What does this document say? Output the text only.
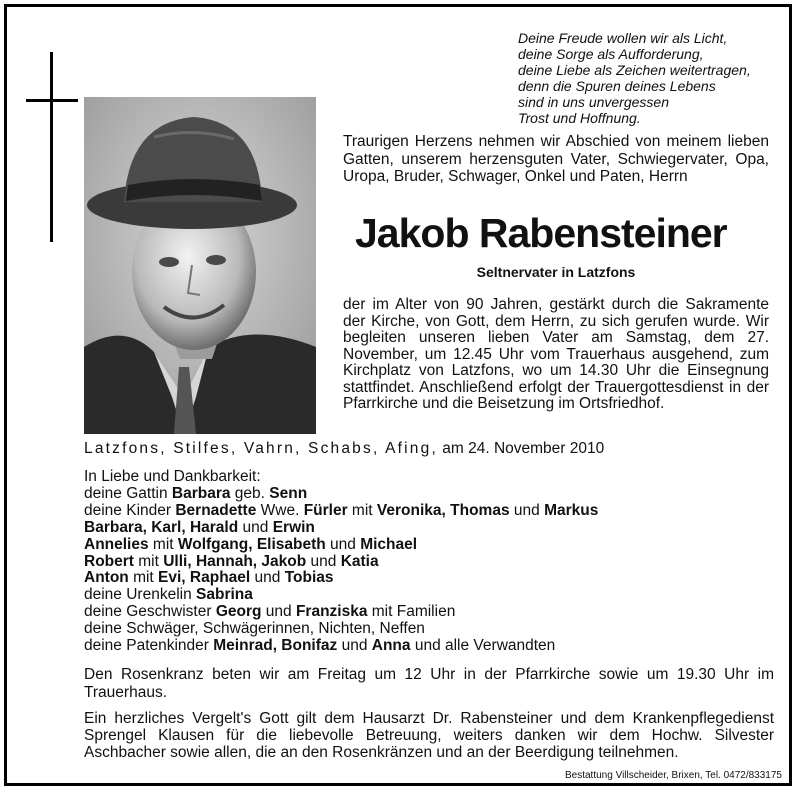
Deine Freude wollen wir als Licht,
deine Sorge als Aufforderung,
deine Liebe als Zeichen weitertragen,
denn die Spuren deines Lebens
sind in uns unvergessen
Trost und Hoffnung.
Traurigen Herzens nehmen wir Abschied von meinem lieben Gatten, unserem herzensguten Vater, Schwiegervater, Opa, Uropa, Bruder, Schwager, Onkel und Paten, Herrn
Jakob Rabensteiner
Seltnervater in Latzfons
der im Alter von 90 Jahren, gestärkt durch die Sakramente der Kirche, von Gott, dem Herrn, zu sich gerufen wurde. Wir begleiten unseren lieben Vater am Samstag, dem 27. November, um 12.45 Uhr vom Trauerhaus ausgehend, zum Kirchplatz von Latzfons, wo um 14.30 Uhr die Einsegnung stattfindet. Anschließend erfolgt der Trauergottesdienst in der Pfarrkirche und die Beisetzung im Ortsfriedhof.
Latzfons, Stilfes, Vahrn, Schabs, Afing, am 24. November 2010
In Liebe und Dankbarkeit:
deine Gattin Barbara geb. Senn
deine Kinder Bernadette Wwe. Fürler mit Veronika, Thomas und Markus
Barbara, Karl, Harald und Erwin
Annelies mit Wolfgang, Elisabeth und Michael
Robert mit Ulli, Hannah, Jakob und Katia
Anton mit Evi, Raphael und Tobias
deine Urenkelin Sabrina
deine Geschwister Georg und Franziska mit Familien
deine Schwäger, Schwägerinnen, Nichten, Neffen
deine Patenkinder Meinrad, Bonifaz und Anna und alle Verwandten
Den Rosenkranz beten wir am Freitag um 12 Uhr in der Pfarrkirche sowie um 19.30 Uhr im Trauerhaus.
Ein herzliches Vergelt's Gott gilt dem Hausarzt Dr. Rabensteiner und dem Krankenpflegedienst Sprengel Klausen für die liebevolle Betreuung, weiters danken wir dem Hochw. Silvester Aschbacher sowie allen, die an den Rosenkränzen und an der Beerdigung teilnehmen.
Bestattung Villscheider, Brixen, Tel. 0472/833175
